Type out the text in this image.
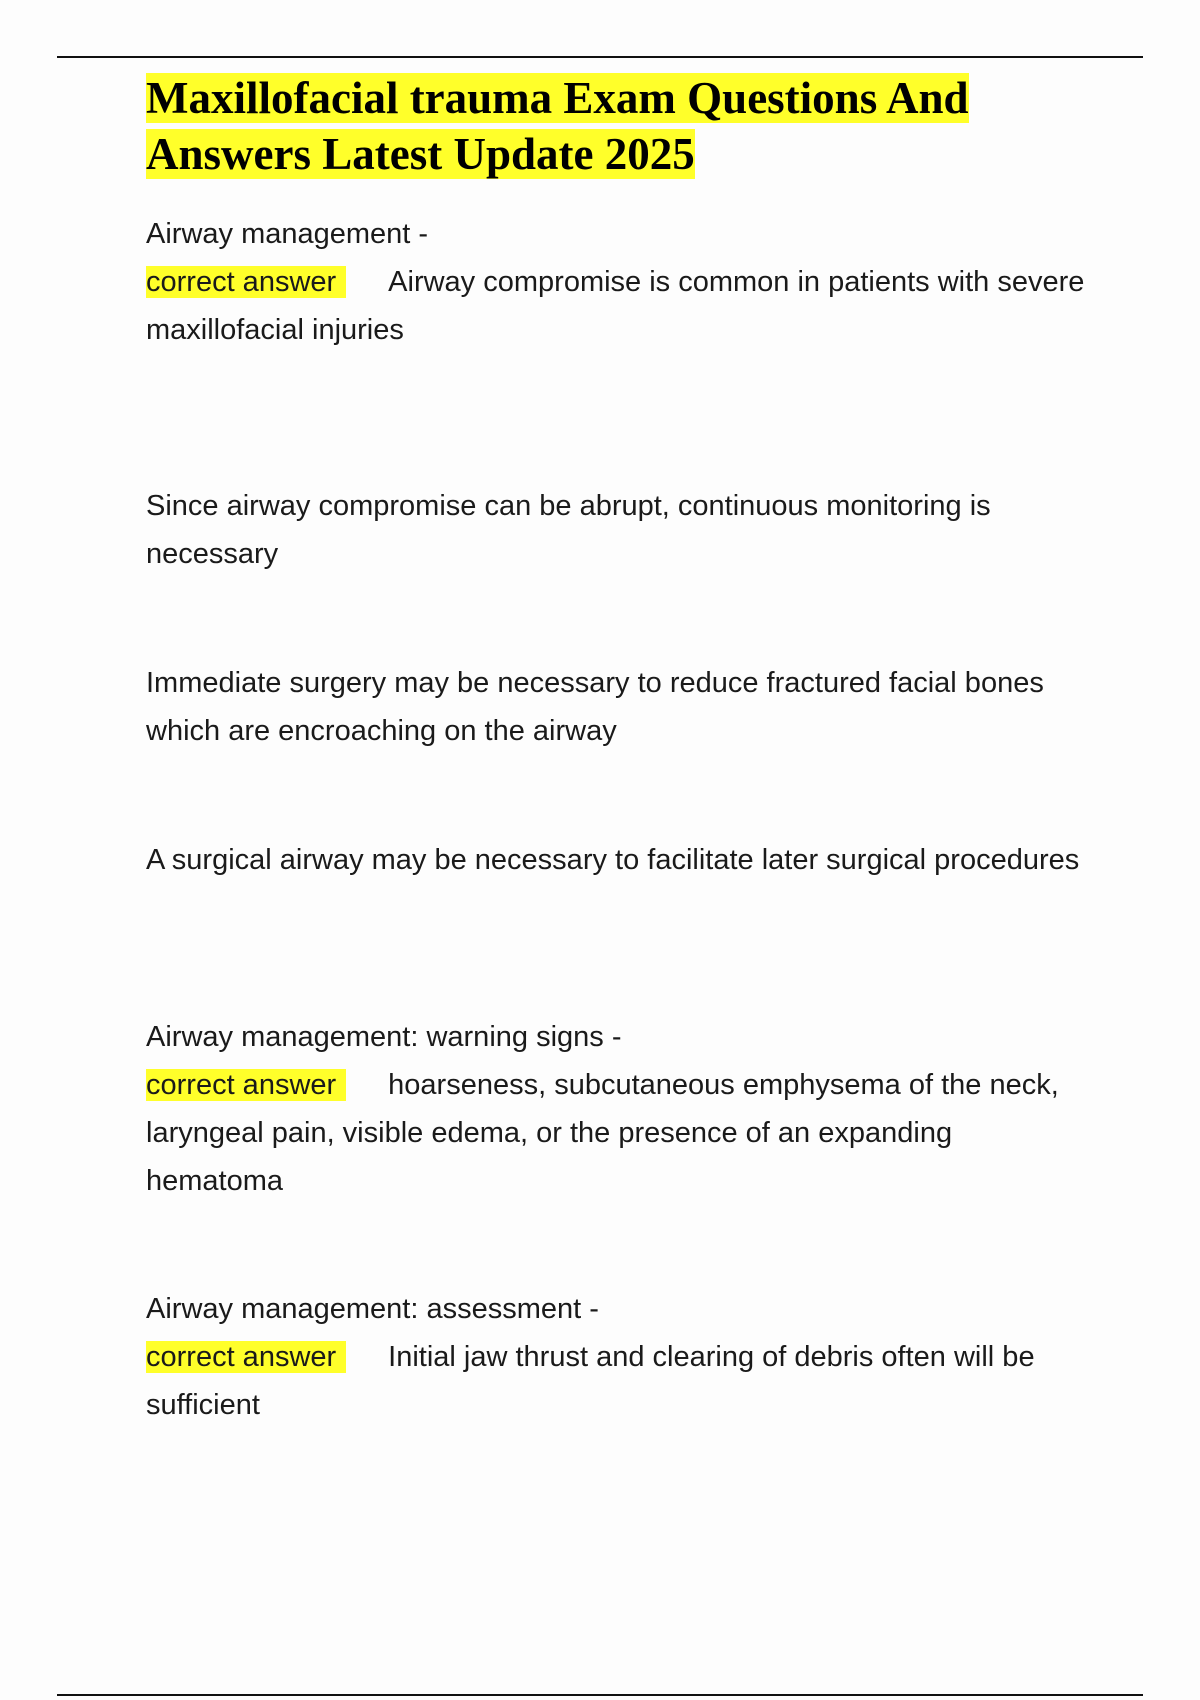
Maxillofacial trauma Exam Questions And
Answers Latest Update 2025
Airway management -
correct answer Airway compromise is common in patients with severe maxillofacial injuries
Since airway compromise can be abrupt, continuous monitoring is necessary
Immediate surgery may be necessary to reduce fractured facial bones which are encroaching on the airway
A surgical airway may be necessary to facilitate later surgical procedures
Airway management: warning signs -
correct answer hoarseness, subcutaneous emphysema of the neck, laryngeal pain, visible edema, or the presence of an expanding hematoma
Airway management: assessment -
correct answer Initial jaw thrust and clearing of debris often will be sufficient
